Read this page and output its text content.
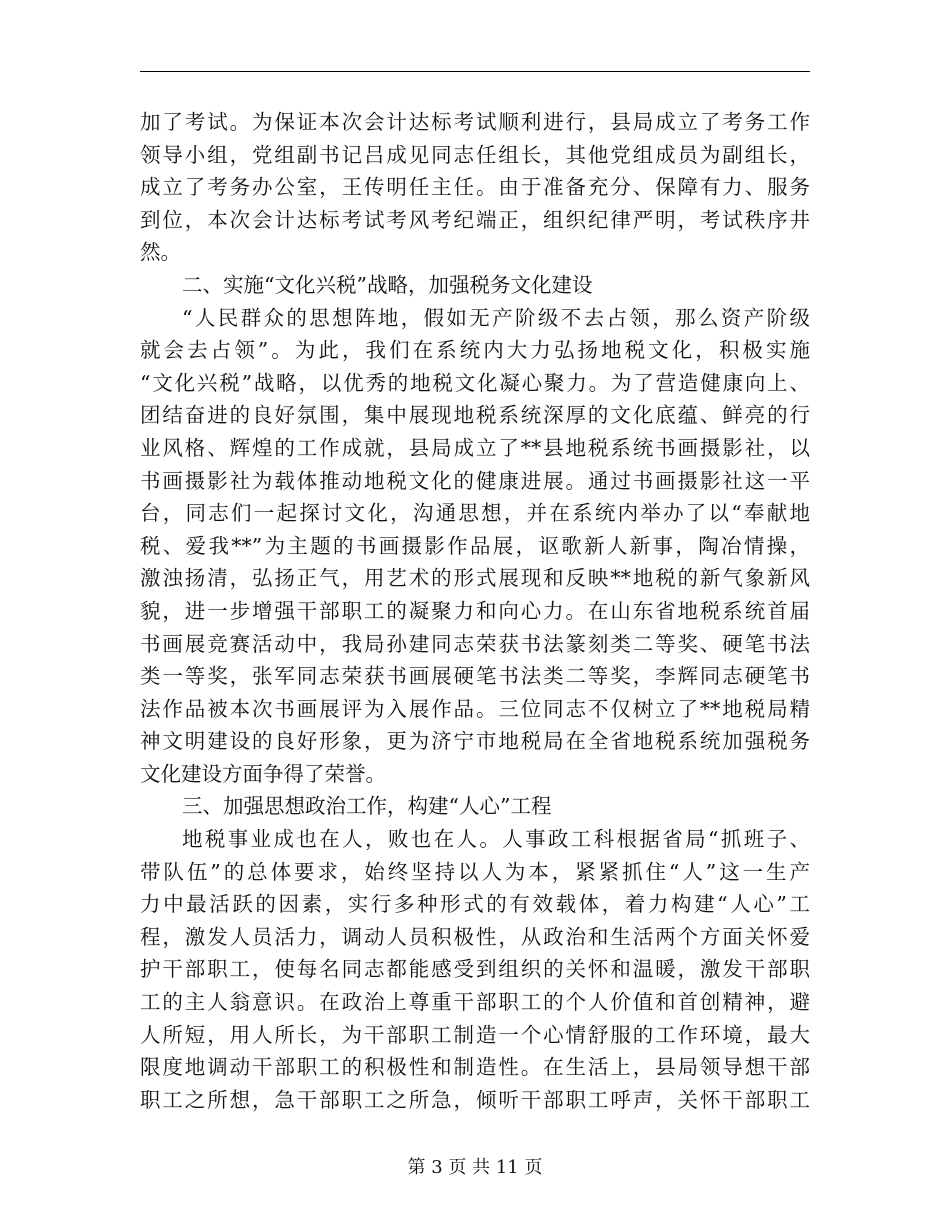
加了考试。为保证本次会计达标考试顺利进行，县局成立了考务工作
领导小组，党组副书记吕成见同志任组长，其他党组成员为副组长，
成立了考务办公室，王传明任主任。由于准备充分、保障有力、服务
到位，本次会计达标考试考风考纪端正，组织纪律严明，考试秩序井
然。
二、实施“文化兴税”战略，加强税务文化建设
“人民群众的思想阵地，假如无产阶级不去占领，那么资产阶级
就会去占领”。为此，我们在系统内大力弘扬地税文化，积极实施
“文化兴税”战略，以优秀的地税文化凝心聚力。为了营造健康向上、
团结奋进的良好氛围，集中展现地税系统深厚的文化底蕴、鲜亮的行
业风格、辉煌的工作成就，县局成立了**县地税系统书画摄影社，以
书画摄影社为载体推动地税文化的健康进展。通过书画摄影社这一平
台，同志们一起探讨文化，沟通思想，并在系统内举办了以“奉献地
税、爱我**”为主题的书画摄影作品展，讴歌新人新事，陶冶情操，
激浊扬清，弘扬正气，用艺术的形式展现和反映**地税的新气象新风
貌，进一步增强干部职工的凝聚力和向心力。在山东省地税系统首届
书画展竞赛活动中，我局孙建同志荣获书法篆刻类二等奖、硬笔书法
类一等奖，张军同志荣获书画展硬笔书法类二等奖，李辉同志硬笔书
法作品被本次书画展评为入展作品。三位同志不仅树立了**地税局精
神文明建设的良好形象，更为济宁市地税局在全省地税系统加强税务
文化建设方面争得了荣誉。
三、加强思想政治工作，构建“人心”工程
地税事业成也在人，败也在人。人事政工科根据省局“抓班子、
带队伍”的总体要求，始终坚持以人为本，紧紧抓住“人”这一生产
力中最活跃的因素，实行多种形式的有效载体，着力构建“人心”工
程，激发人员活力，调动人员积极性，从政治和生活两个方面关怀爱
护干部职工，使每名同志都能感受到组织的关怀和温暖，激发干部职
工的主人翁意识。在政治上尊重干部职工的个人价值和首创精神，避
人所短，用人所长，为干部职工制造一个心情舒服的工作环境，最大
限度地调动干部职工的积极性和制造性。在生活上，县局领导想干部
职工之所想，急干部职工之所急，倾听干部职工呼声，关怀干部职工
第 3 页 共 11 页
